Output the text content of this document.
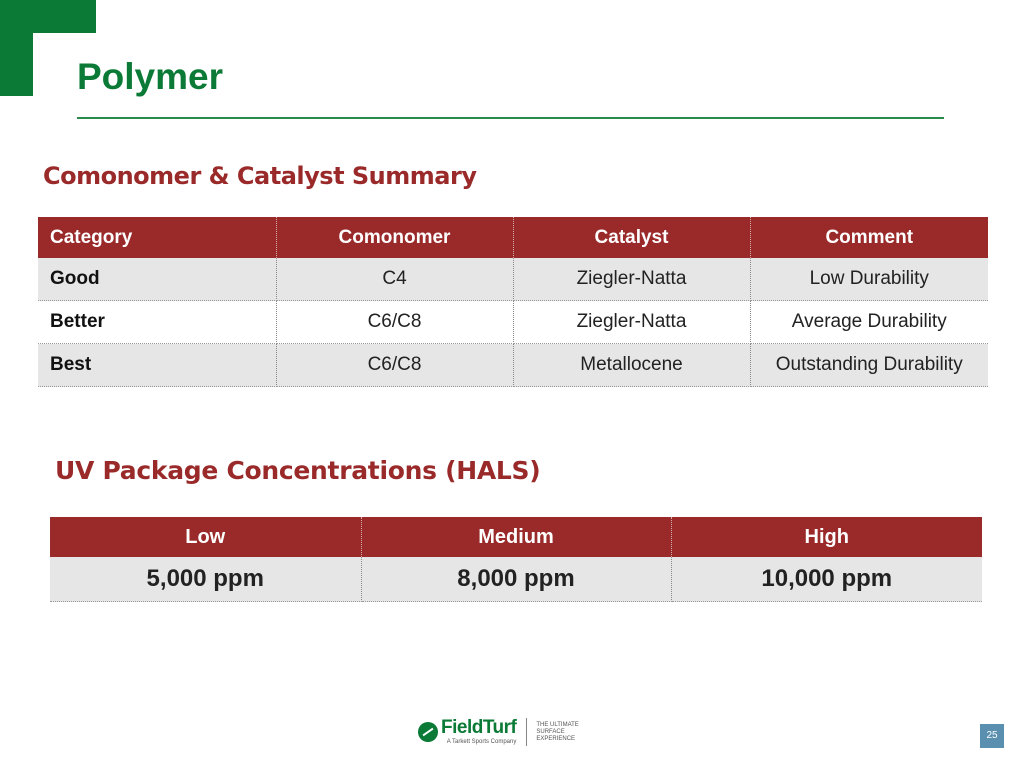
Polymer
Comonomer & Catalyst Summary
Category	Comonomer	Catalyst	Comment
Good	C4	Ziegler-Natta	Low Durability
Better	C6/C8	Ziegler-Natta	Average Durability
Best	C6/C8	Metallocene	Outstanding Durability
UV Package Concentrations (HALS)
Low	Medium	High
5,000 ppm	8,000 ppm	10,000 ppm
FieldTurf
A Tarkett Sports Company
THE ULTIMATE SURFACE EXPERIENCE	25
